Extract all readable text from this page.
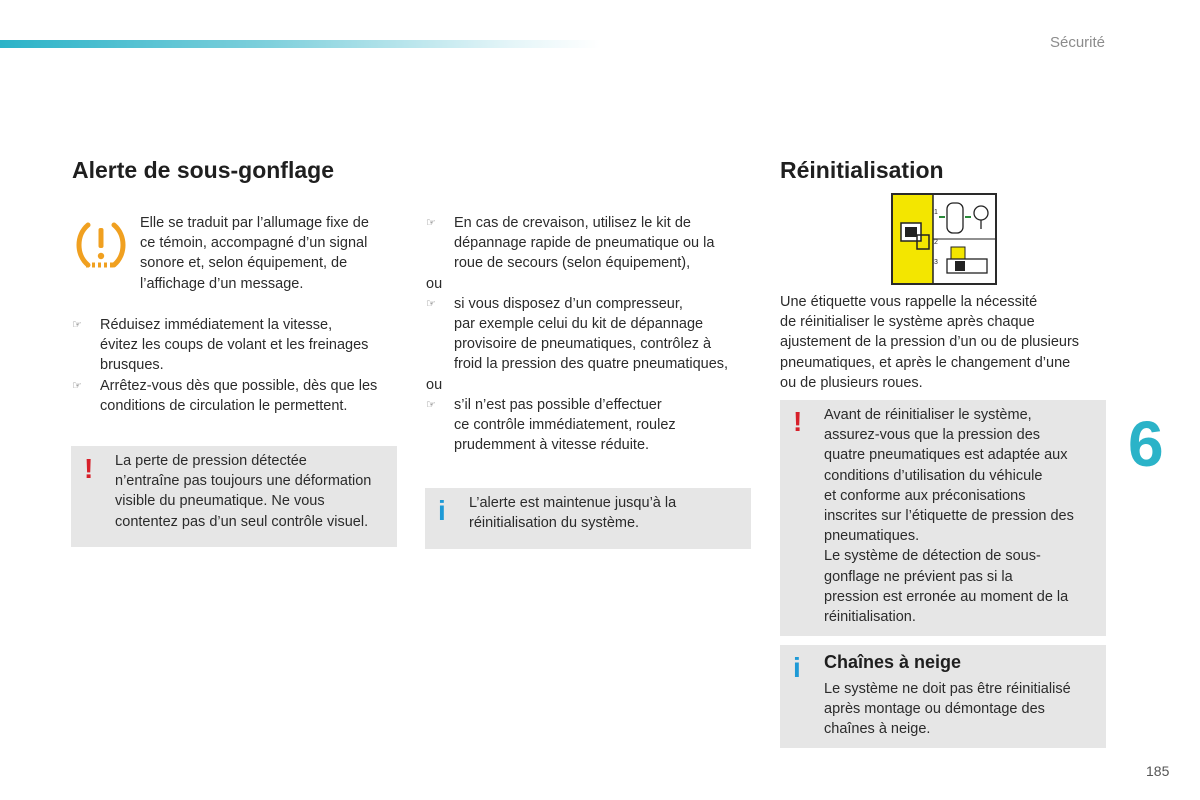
Sécurité
6
185
Alerte de sous-gonflage
Elle se traduit par l’allumage fixe de
ce témoin, accompagné d’un signal
sonore et, selon équipement, de
l’affichage d’un message.
☞ Réduisez immédiatement la vitesse,
évitez les coups de volant et les freinages
brusques.
☞ Arrêtez-vous dès que possible, dès que les
conditions de circulation le permettent.
! La perte de pression détectée
n’entraîne pas toujours une déformation
visible du pneumatique. Ne vous
contentez pas d’un seul contrôle visuel.
☞ En cas de crevaison, utilisez le kit de
dépannage rapide de pneumatique ou la
roue de secours (selon équipement),
ou
☞ si vous disposez d’un compresseur,
par exemple celui du kit de dépannage
provisoire de pneumatiques, contrôlez à
froid la pression des quatre pneumatiques,
ou
☞ s’il n’est pas possible d’effectuer
ce contrôle immédiatement, roulez
prudemment à vitesse réduite.
i L’alerte est maintenue jusqu’à la
réinitialisation du système.
Réinitialisation
1
2
3
Une étiquette vous rappelle la nécessité
de réinitialiser le système après chaque
ajustement de la pression d’un ou de plusieurs
pneumatiques, et après le changement d’une
ou de plusieurs roues.
! Avant de réinitialiser le système,
assurez-vous que la pression des
quatre pneumatiques est adaptée aux
conditions d’utilisation du véhicule
et conforme aux préconisations
inscrites sur l’étiquette de pression des
pneumatiques.
Le système de détection de sous-
gonflage ne prévient pas si la
pression est erronée au moment de la
réinitialisation.
i Chaînes à neige
Le système ne doit pas être réinitialisé
après montage ou démontage des
chaînes à neige.
